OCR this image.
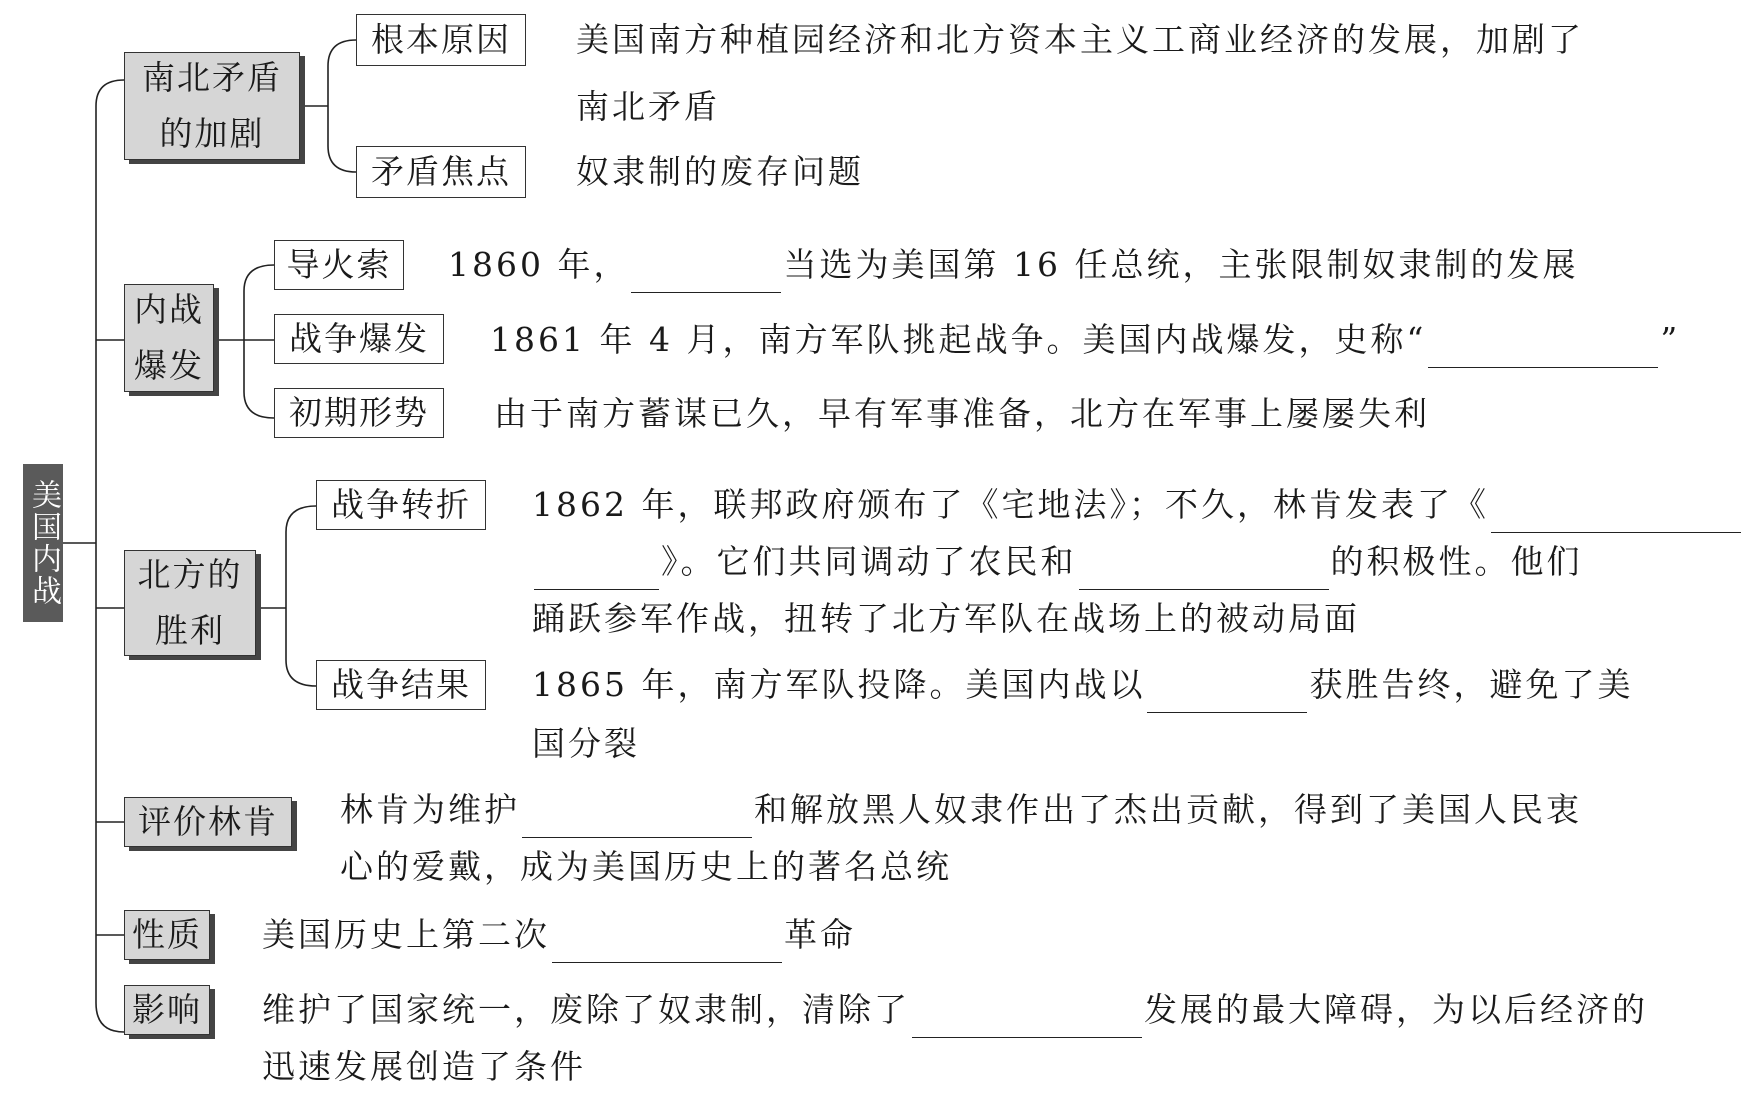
美国内战
南北矛盾的加剧
根本原因 美国南方种植园经济和北方资本主义工商业经济的发展，加剧了
南北矛盾
矛盾焦点 奴隶制的废存问题
内战爆发
导火索 1860 年，	当选为美国第 16 任总统，主张限制奴隶制的发展
战争爆发 1861 年 4 月，南方军队挑起战争。美国内战爆发，史称“	”
初期形势 由于南方蓄谋已久，早有军事准备，北方在军事上屡屡失利
北方的胜利
战争转折 1862 年，联邦政府颁布了《宅地法》；不久，林肯发表了《
》。它们共同调动了农民和	的积极性。他们
踊跃参军作战，扭转了北方军队在战场上的被动局面
战争结果 1865 年，南方军队投降。美国内战以	获胜告终，避免了美
国分裂
评价林肯 林肯为维护	和解放黑人奴隶作出了杰出贡献，得到了美国人民衷
心的爱戴，成为美国历史上的著名总统
性质 美国历史上第二次	革命
影响 维护了国家统一，废除了奴隶制，清除了	发展的最大障碍，为以后经济的
迅速发展创造了条件
